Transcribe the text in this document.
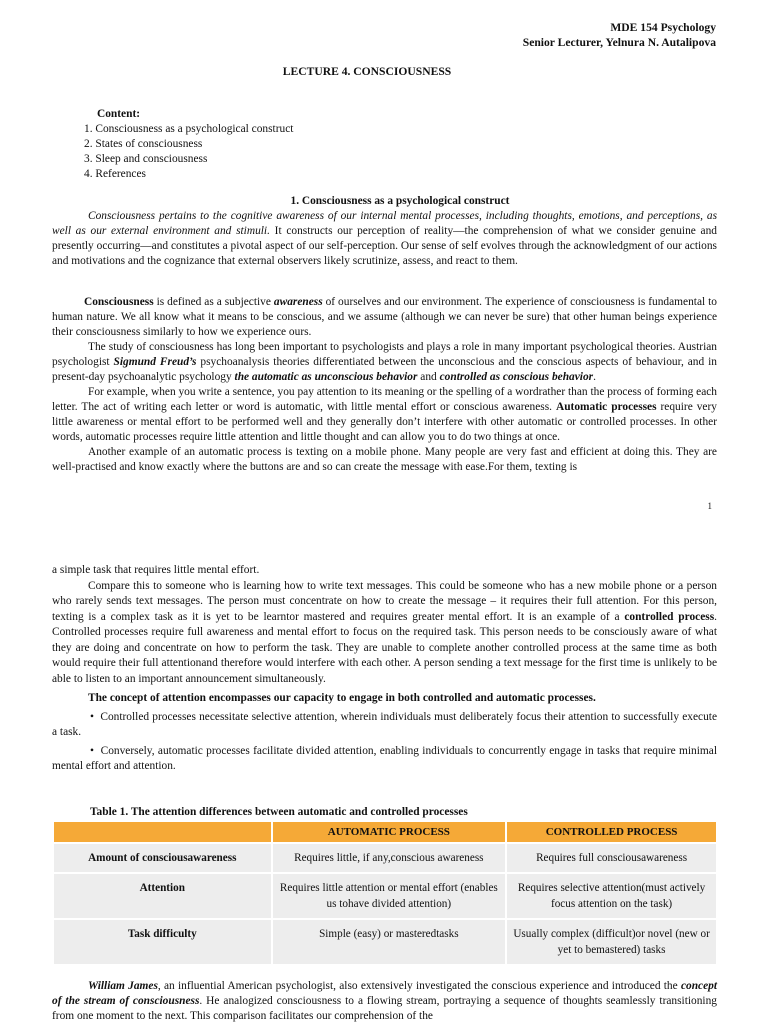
MDE 154 Psychology
Senior Lecturer, Yelnura N. Autalipova
LECTURE 4. CONSCIOUSNESS
Content:
1. Consciousness as a psychological construct
2. States of consciousness
3. Sleep and consciousness
4. References
1. Consciousness as a psychological construct

Consciousness pertains to the cognitive awareness of our internal mental processes, including thoughts, emotions, and perceptions, as well as our external environment and stimuli. It constructs our perception of reality—the comprehension of what we consider genuine and presently occurring—and constitutes a pivotal aspect of our self-perception. Our sense of self evolves through the acknowledgment of our actions and motivations and the cognizance that external observers likely scrutinize, assess, and react to them.

Consciousness is defined as a subjective awareness of ourselves and our environment. The experience of consciousness is fundamental to human nature. We all know what it means to be conscious, and we assume (although we can never be sure) that other human beings experience their consciousness similarly to how we experience ours.

The study of consciousness has long been important to psychologists and plays a role in many important psychological theories. Austrian psychologist Sigmund Freud’s psychoanalysis theories differentiated between the unconscious and the conscious aspects of behaviour, and in present-day psychoanalytic psychology the automatic as unconscious behavior and controlled as conscious behavior.

For example, when you write a sentence, you pay attention to its meaning or the spelling of a wordrather than the process of forming each letter. The act of writing each letter or word is automatic, with little mental effort or conscious awareness. Automatic processes require very little awareness or mental effort to be performed well and they generally don’t interfere with other automatic or controlled processes. In other words, automatic processes require little attention and little thought and can allow you to do two things at once.

Another example of an automatic process is texting on a mobile phone. Many people are very fast and efficient at doing this. They are well-practised and know exactly where the buttons are and so can create the message with ease.For them, texting is

1

a simple task that requires little mental effort.

Compare this to someone who is learning how to write text messages. This could be someone who has a new mobile phone or a person who rarely sends text messages. The person must concentrate on how to create the message – it requires their full attention. For this person, texting is a complex task as it is yet to be learntor mastered and requires greater mental effort. It is an example of a controlled process. Controlled processes require full awareness and mental effort to focus on the required task. This person needs to be consciously aware of what they are doing and concentrate on how to perform the task. They are unable to complete another controlled process at the same time as both would require their full attentionand therefore would interfere with each other. A person sending a text message for the first time is unlikely to be able to listen to an important announcement simultaneously.

The concept of attention encompasses our capacity to engage in both controlled and automatic processes.

• Controlled processes necessitate selective attention, wherein individuals must deliberately focus their attention to successfully execute a task.

• Conversely, automatic processes facilitate divided attention, enabling individuals to concurrently engage in tasks that require minimal mental effort and attention.

Table 1. The attention differences between automatic and controlled processes
	AUTOMATIC PROCESS	CONTROLLED PROCESS
Amount of consciousawareness	Requires little, if any,conscious awareness	Requires full consciousawareness
Attention	Requires little attention or mental effort (enables us tohave divided attention)	Requires selective attention(must actively focus attention on the task)
Task difficulty	Simple (easy) or masteredtasks	Usually complex (difficult)or novel (new or yet to bemastered) tasks

William James, an influential American psychologist, also extensively investigated the conscious experience and introduced the concept of the stream of consciousness. He analogized consciousness to a flowing stream, portraying a sequence of thoughts seamlessly transitioning from one moment to the next. This comparison facilitates our comprehension of the
